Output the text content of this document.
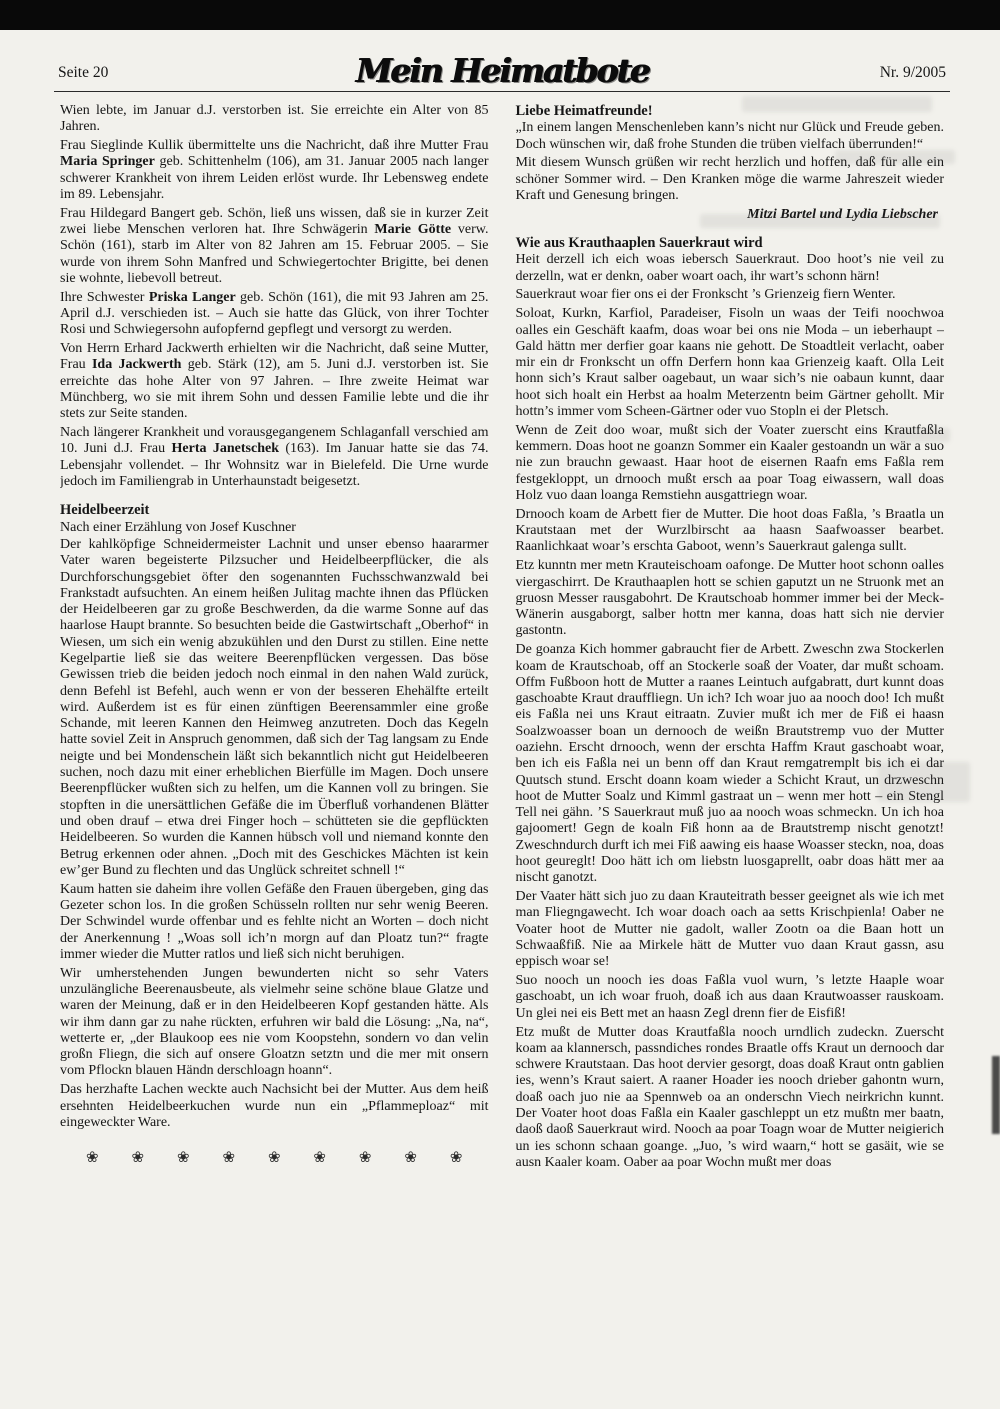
Seite 20	Mein Heimatbote	Nr. 9/2005

Wien lebte, im Januar d.J. verstorben ist. Sie erreichte ein Alter von 85 Jahren.

Frau Sieglinde Kullik übermittelte uns die Nachricht, daß ihre Mutter Frau Maria Springer geb. Schittenhelm (106), am 31. Januar 2005 nach langer schwerer Krankheit von ihrem Leiden erlöst wurde. Ihr Lebensweg endete im 89. Lebensjahr.

Frau Hildegard Bangert geb. Schön, ließ uns wissen, daß sie in kurzer Zeit zwei liebe Menschen verloren hat. Ihre Schwägerin Marie Götte verw. Schön (161), starb im Alter von 82 Jahren am 15. Februar 2005. – Sie wurde von ihrem Sohn Manfred und Schwiegertochter Brigitte, bei denen sie wohnte, liebevoll betreut.

Ihre Schwester Priska Langer geb. Schön (161), die mit 93 Jahren am 25. April d.J. verschieden ist. – Auch sie hatte das Glück, von ihrer Tochter Rosi und Schwiegersohn aufopfernd gepflegt und versorgt zu werden.

Von Herrn Erhard Jackwerth erhielten wir die Nachricht, daß seine Mutter, Frau Ida Jackwerth geb. Stärk (12), am 5. Juni d.J. verstorben ist. Sie erreichte das hohe Alter von 97 Jahren. – Ihre zweite Heimat war Münchberg, wo sie mit ihrem Sohn und dessen Familie lebte und die ihr stets zur Seite standen.

Nach längerer Krankheit und vorausgegangenem Schlaganfall verschied am 10. Juni d.J. Frau Herta Janetschek (163). Im Januar hatte sie das 74. Lebensjahr vollendet. – Ihr Wohnsitz war in Bielefeld. Die Urne wurde jedoch im Familiengrab in Unterhaunstadt beigesetzt.

Heidelbeerzeit
Nach einer Erzählung von Josef Kuschner

Der kahlköpfige Schneidermeister Lachnit und unser ebenso haararmer Vater waren begeisterte Pilzsucher und Heidelbeerpflücker, die als Durchforschungsgebiet öfter den sogenannten Fuchsschwanzwald bei Frankstadt aufsuchten. An einem heißen Julitag machte ihnen das Pflücken der Heidelbeeren gar zu große Beschwerden, da die warme Sonne auf das haarlose Haupt brannte. So besuchten beide die Gastwirtschaft „Oberhof“ in Wiesen, um sich ein wenig abzukühlen und den Durst zu stillen. Eine nette Kegelpartie ließ sie das weitere Beerenpflücken vergessen. Das böse Gewissen trieb die beiden jedoch noch einmal in den nahen Wald zurück, denn Befehl ist Befehl, auch wenn er von der besseren Ehehälfte erteilt wird. Außerdem ist es für einen zünftigen Beerensammler eine große Schande, mit leeren Kannen den Heimweg anzutreten. Doch das Kegeln hatte soviel Zeit in Anspruch genommen, daß sich der Tag langsam zu Ende neigte und bei Mondenschein läßt sich bekanntlich nicht gut Heidelbeeren suchen, noch dazu mit einer erheblichen Bierfülle im Magen. Doch unsere Beerenpflücker wußten sich zu helfen, um die Kannen voll zu bringen. Sie stopften in die unersättlichen Gefäße die im Überfluß vorhandenen Blätter und oben drauf – etwa drei Finger hoch – schütteten sie die gepflückten Heidelbeeren. So wurden die Kannen hübsch voll und niemand konnte den Betrug erkennen oder ahnen. „Doch mit des Geschickes Mächten ist kein ew’ger Bund zu flechten und das Unglück schreitet schnell !“

Kaum hatten sie daheim ihre vollen Gefäße den Frauen übergeben, ging das Gezeter schon los. In die großen Schüsseln rollten nur sehr wenig Beeren. Der Schwindel wurde offenbar und es fehlte nicht an Worten – doch nicht der Anerkennung ! „Woas soll ich’n morgn auf dan Ploatz tun?“ fragte immer wieder die Mutter ratlos und ließ sich nicht beruhigen.

Wir umherstehenden Jungen bewunderten nicht so sehr Vaters unzulängliche Beerenausbeute, als vielmehr seine schöne blaue Glatze und waren der Meinung, daß er in den Heidelbeeren Kopf gestanden hätte. Als wir ihm dann gar zu nahe rückten, erfuhren wir bald die Lösung: „Na, na“, wetterte er, „der Blaukoop ees nie vom Koopstehn, sondern vo dan velin großn Fliegn, die sich auf onsere Gloatzn setztn und die mer mit onsern vom Pflockn blauen Händn derschloagn hoann“.

Das herzhafte Lachen weckte auch Nachsicht bei der Mutter. Aus dem heiß ersehnten Heidelbeerkuchen wurde nun ein „Pflammeploaz“ mit eingeweckter Ware.

❀ ❀ ❀ ❀ ❀ ❀ ❀ ❀ ❀
Liebe Heimatfreunde!

„In einem langen Menschenleben kann’s nicht nur Glück und Freude geben. Doch wünschen wir, daß frohe Stunden die trüben vielfach überrunden!“

Mit diesem Wunsch grüßen wir recht herzlich und hoffen, daß für alle ein schöner Sommer wird. – Den Kranken möge die warme Jahreszeit wieder Kraft und Genesung bringen.

Mitzi Bartel und Lydia Liebscher
Wie aus Krauthaaplen Sauerkraut wird

Heit derzell ich eich woas iebersch Sauerkraut. Doo hoot’s nie veil zu derzelln, wat er denkn, oaber woart oach, ihr wart’s schonn härn!

Sauerkraut woar fier ons ei der Fronkscht ’s Grienzeig fiern Wenter.

Soloat, Kurkn, Karfiol, Paradeiser, Fisoln un waas der Teifi noochwoa oalles ein Geschäft kaafm, doas woar bei ons nie Moda – un ieberhaupt – Gald hättn mer derfier goar kaans nie gehott. De Stoadtleit verlacht, oaber mir ein dr Fronkscht un offn Derfern honn kaa Grienzeig kaaft. Olla Leit honn sich’s Kraut salber oagebaut, un waar sich’s nie oabaun kunnt, daar hoot sich hoalt ein Herbst aa hoalm Meterzentn beim Gärtner gehollt. Mir hottn’s immer vom Scheen-Gärtner oder vuo Stopln ei der Pletsch.

Wenn de Zeit doo woar, mußt sich der Voater zuerscht eins Krautfaßla kemmern. Doas hoot ne goanzn Sommer ein Kaaler gestoandn un wär a suo nie zun brauchn gewaast. Haar hoot de eisernen Raafn ems Faßla rem festgekloppt, un drnooch mußt ersch aa poar Toag eiwassern, wall doas Holz vuo daan loanga Remstiehn ausgattriegn woar.

Drnooch koam de Arbett fier de Mutter. Die hoot doas Faßla, ’s Braatla un Krautstaan met der Wurzlbirscht aa haasn Saafwoasser bearbet. Raanlichkaat woar’s erschta Gaboot, wenn’s Sauerkraut galenga sullt.

Etz kunntn mer metn Krauteischoam oafonge. De Mutter hoot schonn oalles viergaschirrt. De Krauthaaplen hott se schien gaputzt un ne Struonk met an gruosn Messer rausgabohrt. De Krautschoab hommer immer bei der Meck-Wänerin ausgaborgt, salber hottn mer kanna, doas hatt sich nie dervier gastontn.

De goanza Kich hommer gabraucht fier de Arbett. Zweschn zwa Stockerlen koam de Krautschoab, off an Stockerle soaß der Voater, dar mußt schoam. Offm Fußboon hott de Mutter a raanes Leintuch aufgabratt, durt kunnt doas gaschoabte Kraut drauffliegn. Un ich? Ich woar juo aa nooch doo! Ich mußt eis Faßla nei uns Kraut eitraatn. Zuvier mußt ich mer de Fiß ei haasn Soalzwoasser boan un dernooch de weißn Brautstremp vuo der Mutter oaziehn. Erscht drnooch, wenn der erschta Haffm Kraut gaschoabt woar, ben ich eis Faßla nei un benn off dan Kraut remgatremplt bis ich ei dar Quutsch stund. Erscht doann koam wieder a Schicht Kraut, un drzweschn hoot de Mutter Soalz und Kimml gastraat un – wenn mer hott – ein Stengl Tell nei gähn. ’S Sauerkraut muß juo aa nooch woas schmeckn. Un ich hoa gajoomert! Gegn de koaln Fiß honn aa de Brautstremp nischt genotzt! Zweschndurch durft ich mei Fiß aawing eis haase Woasser steckn, noa, doas hoot geureglt! Doo hätt ich om liebstn luosgaprellt, oabr doas hätt mer aa nischt ganotzt.

Der Vaater hätt sich juo zu daan Krauteitrath besser geeignet als wie ich met man Fliegngawecht. Ich woar doach oach aa setts Krischpienla! Oaber ne Voater hoot de Mutter nie gadolt, waller Zootn oa die Baan hott un Schwaaßfiß. Nie aa Mirkele hätt de Mutter vuo daan Kraut gassn, asu eppisch woar se!

Suo nooch un nooch ies doas Faßla vuol wurn, ’s letzte Haaple woar gaschoabt, un ich woar fruoh, doaß ich aus daan Krautwoasser rauskoam. Un glei nei eis Bett met an haasn Zegl drenn fier de Eisfiß!

Etz mußt de Mutter doas Krautfaßla nooch urndlich zudeckn. Zuerscht koam aa klannersch, passndiches rondes Braatle offs Kraut un dernooch dar schwere Krautstaan. Das hoot dervier gesorgt, doas doaß Kraut ontn gablien ies, wenn’s Kraut saiert. A raaner Hoader ies nooch drieber gahontn wurn, doaß oach juo nie aa Spennweb oa an onderschn Viech neirkrichn kunnt. Der Voater hoot doas Faßla ein Kaaler gaschleppt un etz mußtn mer baatn, daoß daoß Sauerkraut wird. Nooch aa poar Toagn woar de Mutter neigierich un ies schonn schaan goange. „Juo, ’s wird waarn,“ hott se gasäit, wie se ausn Kaaler koam. Oaber aa poar Wochn mußt mer doas
